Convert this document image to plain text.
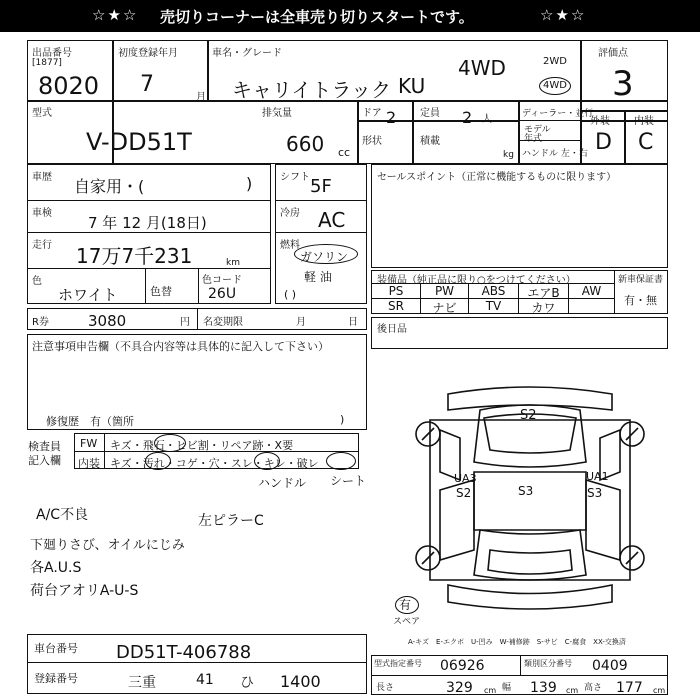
☆★☆ 売切りコーナーは全車売り切りスタートです。	☆★☆
出品番号
[1877]
8020
初度登録年月
7
月
車名・グレード
キャリイトラック KU
4WD	2WD
4WD
評価点
3
型式
V-DD51T
排気量
660 cc
ドア 2 定員 2 人
形状	積載
kg
ディーラー・並行
モデル
年式
ハンドル 左・右
外装 内装
D C
車歴 自家用・(	)
車検
7 年 12 月(18日)
走行 17万7千231	km
色
ホワイト	色替
色コード
26U
シフト 5F
冷房 AC
燃料
ガソリン
軽 油
( )
R券	3080	円 名変期限	月	日
注意事項申告欄（不具合内容等は具体的に記入して下さい）
修復歴　有（箇所	)
検査員
記入欄
FW キズ・飛石・ヒビ割・リペア跡・X要
内装 キズ・汚れ・コゲ・穴・スレ・キレ・破レ
ハンドル シート
A/C不良	左ピラーC
下廻りさび、オイルにじみ
各A.U.S
荷台アオリA-U-S
セールスポイント（正常に機能するものに限ります）
装備品（純正品に限り○をつけてください）	新車保証書
有・無
PS	PW	ABS	エアB	AW
SR	ナビ	TV	カワ
後日品
S2
UA3
S2	S3
UA1
S3
有
スペア
A-キズ　E-エクボ　U-凹み　W-補修跡　S-サビ　C-腐食　XX-交換済
車台番号 DD51T-406788
登録番号	三重	41 ひ 1400
型式指定番号 06926	類別区分番号 0409
長さ	329 cm 幅 139 cm 高さ 177 cm
